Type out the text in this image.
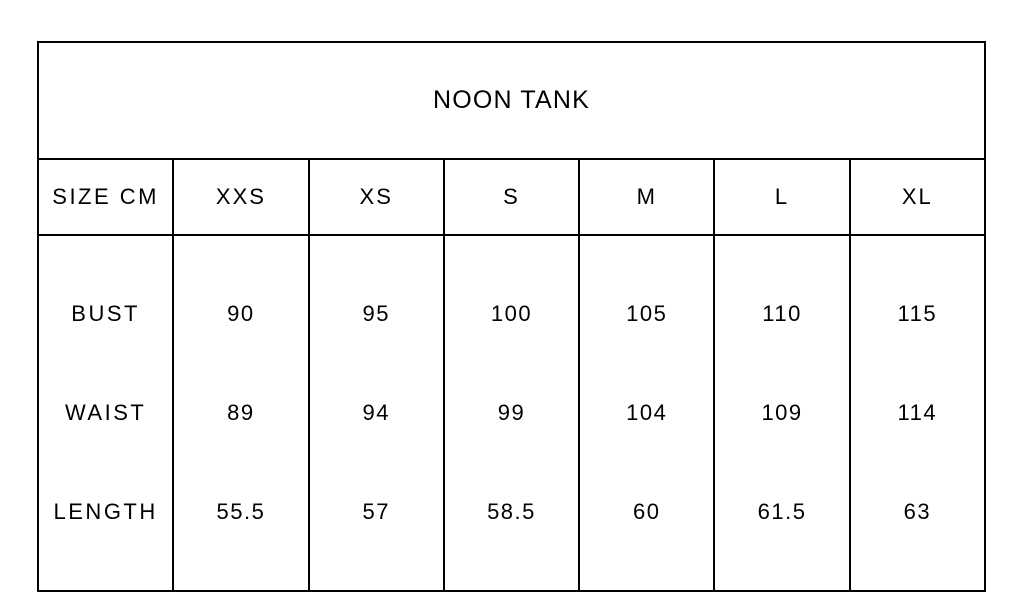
NOON TANK						
SIZE CM	XXS	XS	S	M	L	XL

BUST	90	95	100	105	110	115
WAIST	89	94	99	104	109	114
LENGTH	55.5	57	58.5	60	61.5	63
